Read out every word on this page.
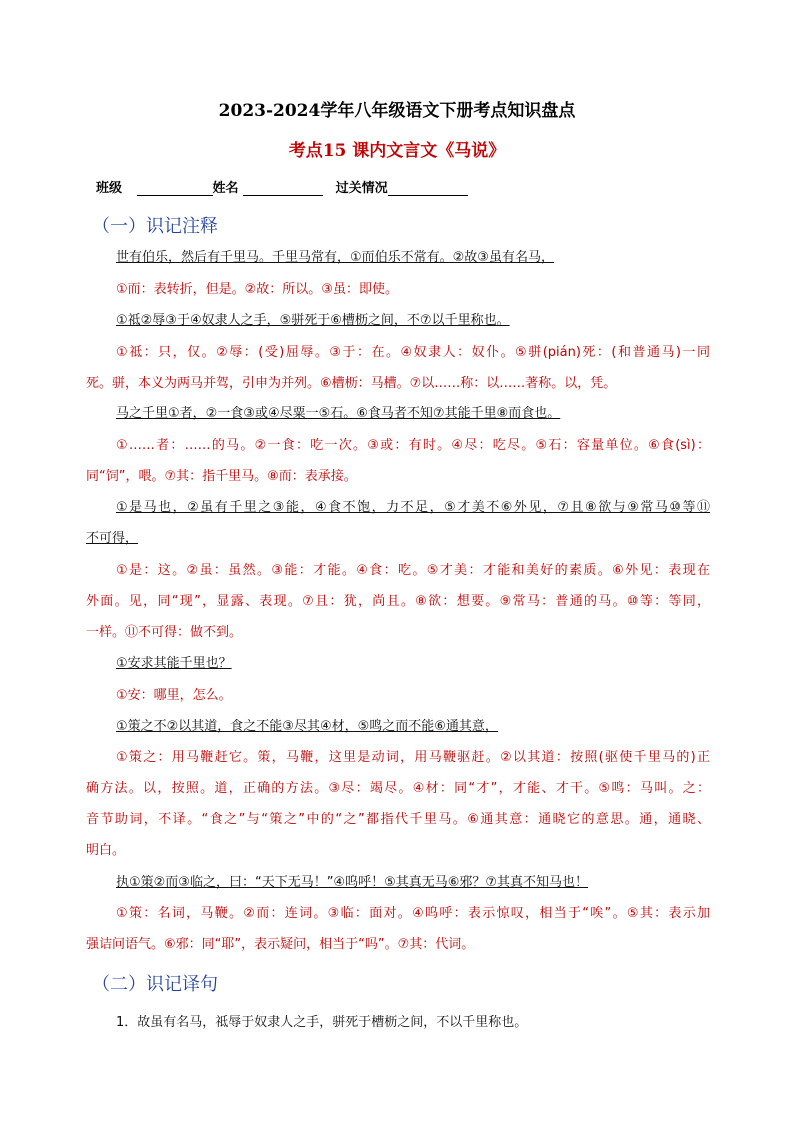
2023-2024学年八年级语文下册考点知识盘点
考点15 课内文言文《马说》
班级	姓名	过关情况
（一）识记注释
世有伯乐，然后有千里马。千里马常有，①而伯乐不常有。②故③虽有名马，
①而：表转折，但是。②故：所以。③虽：即使。
①祗②辱③于④奴隶人之手，⑤骈死于⑥槽枥之间，不⑦以千里称也。
①祗：只，仅。②辱：(受)屈辱。③于：在。④奴隶人：奴仆。⑤骈(pián)死：(和普通马)一同
死。骈，本义为两马并驾，引申为并列。⑥槽枥：马槽。⑦以……称：以……著称。以，凭。
马之千里①者，②一食③或④尽粟一⑤石。⑥食马者不知⑦其能千里⑧而食也。
①……者：……的马。②一食：吃一次。③或：有时。④尽：吃尽。⑤石：容量单位。⑥食(sì)：
同“饲”，喂。⑦其：指千里马。⑧而：表承接。
①是马也，②虽有千里之③能，④食不饱，力不足，⑤才美不⑥外见，⑦且⑧欲与⑨常马⑩等⑪
不可得，
①是：这。②虽：虽然。③能：才能。④食：吃。⑤才美：才能和美好的素质。⑥外见：表现在
外面。见，同“现”，显露、表现。⑦且：犹，尚且。⑧欲：想要。⑨常马：普通的马。⑩等：等同，
一样。⑪不可得：做不到。
①安求其能千里也？
①安：哪里，怎么。
①策之不②以其道，食之不能③尽其④材，⑤鸣之而不能⑥通其意，
①策之：用马鞭赶它。策，马鞭，这里是动词，用马鞭驱赶。②以其道：按照(驱使千里马的)正
确方法。以，按照。道，正确的方法。③尽：竭尽。④材：同“才”，才能、才干。⑤鸣：马叫。之：
音节助词，不译。“食之”与“策之”中的“之”都指代千里马。⑥通其意：通晓它的意思。通，通晓、
明白。
执①策②而③临之，曰：“天下无马！”④呜呼！⑤其真无马⑥邪？⑦其真不知马也！
①策：名词，马鞭。②而：连词。③临：面对。④呜呼：表示惊叹，相当于“唉”。⑤其：表示加
强诘问语气。⑥邪：同“耶”，表示疑问，相当于“吗”。⑦其：代词。
（二）识记译句
1．故虽有名马，祗辱于奴隶人之手，骈死于槽枥之间，不以千里称也。
